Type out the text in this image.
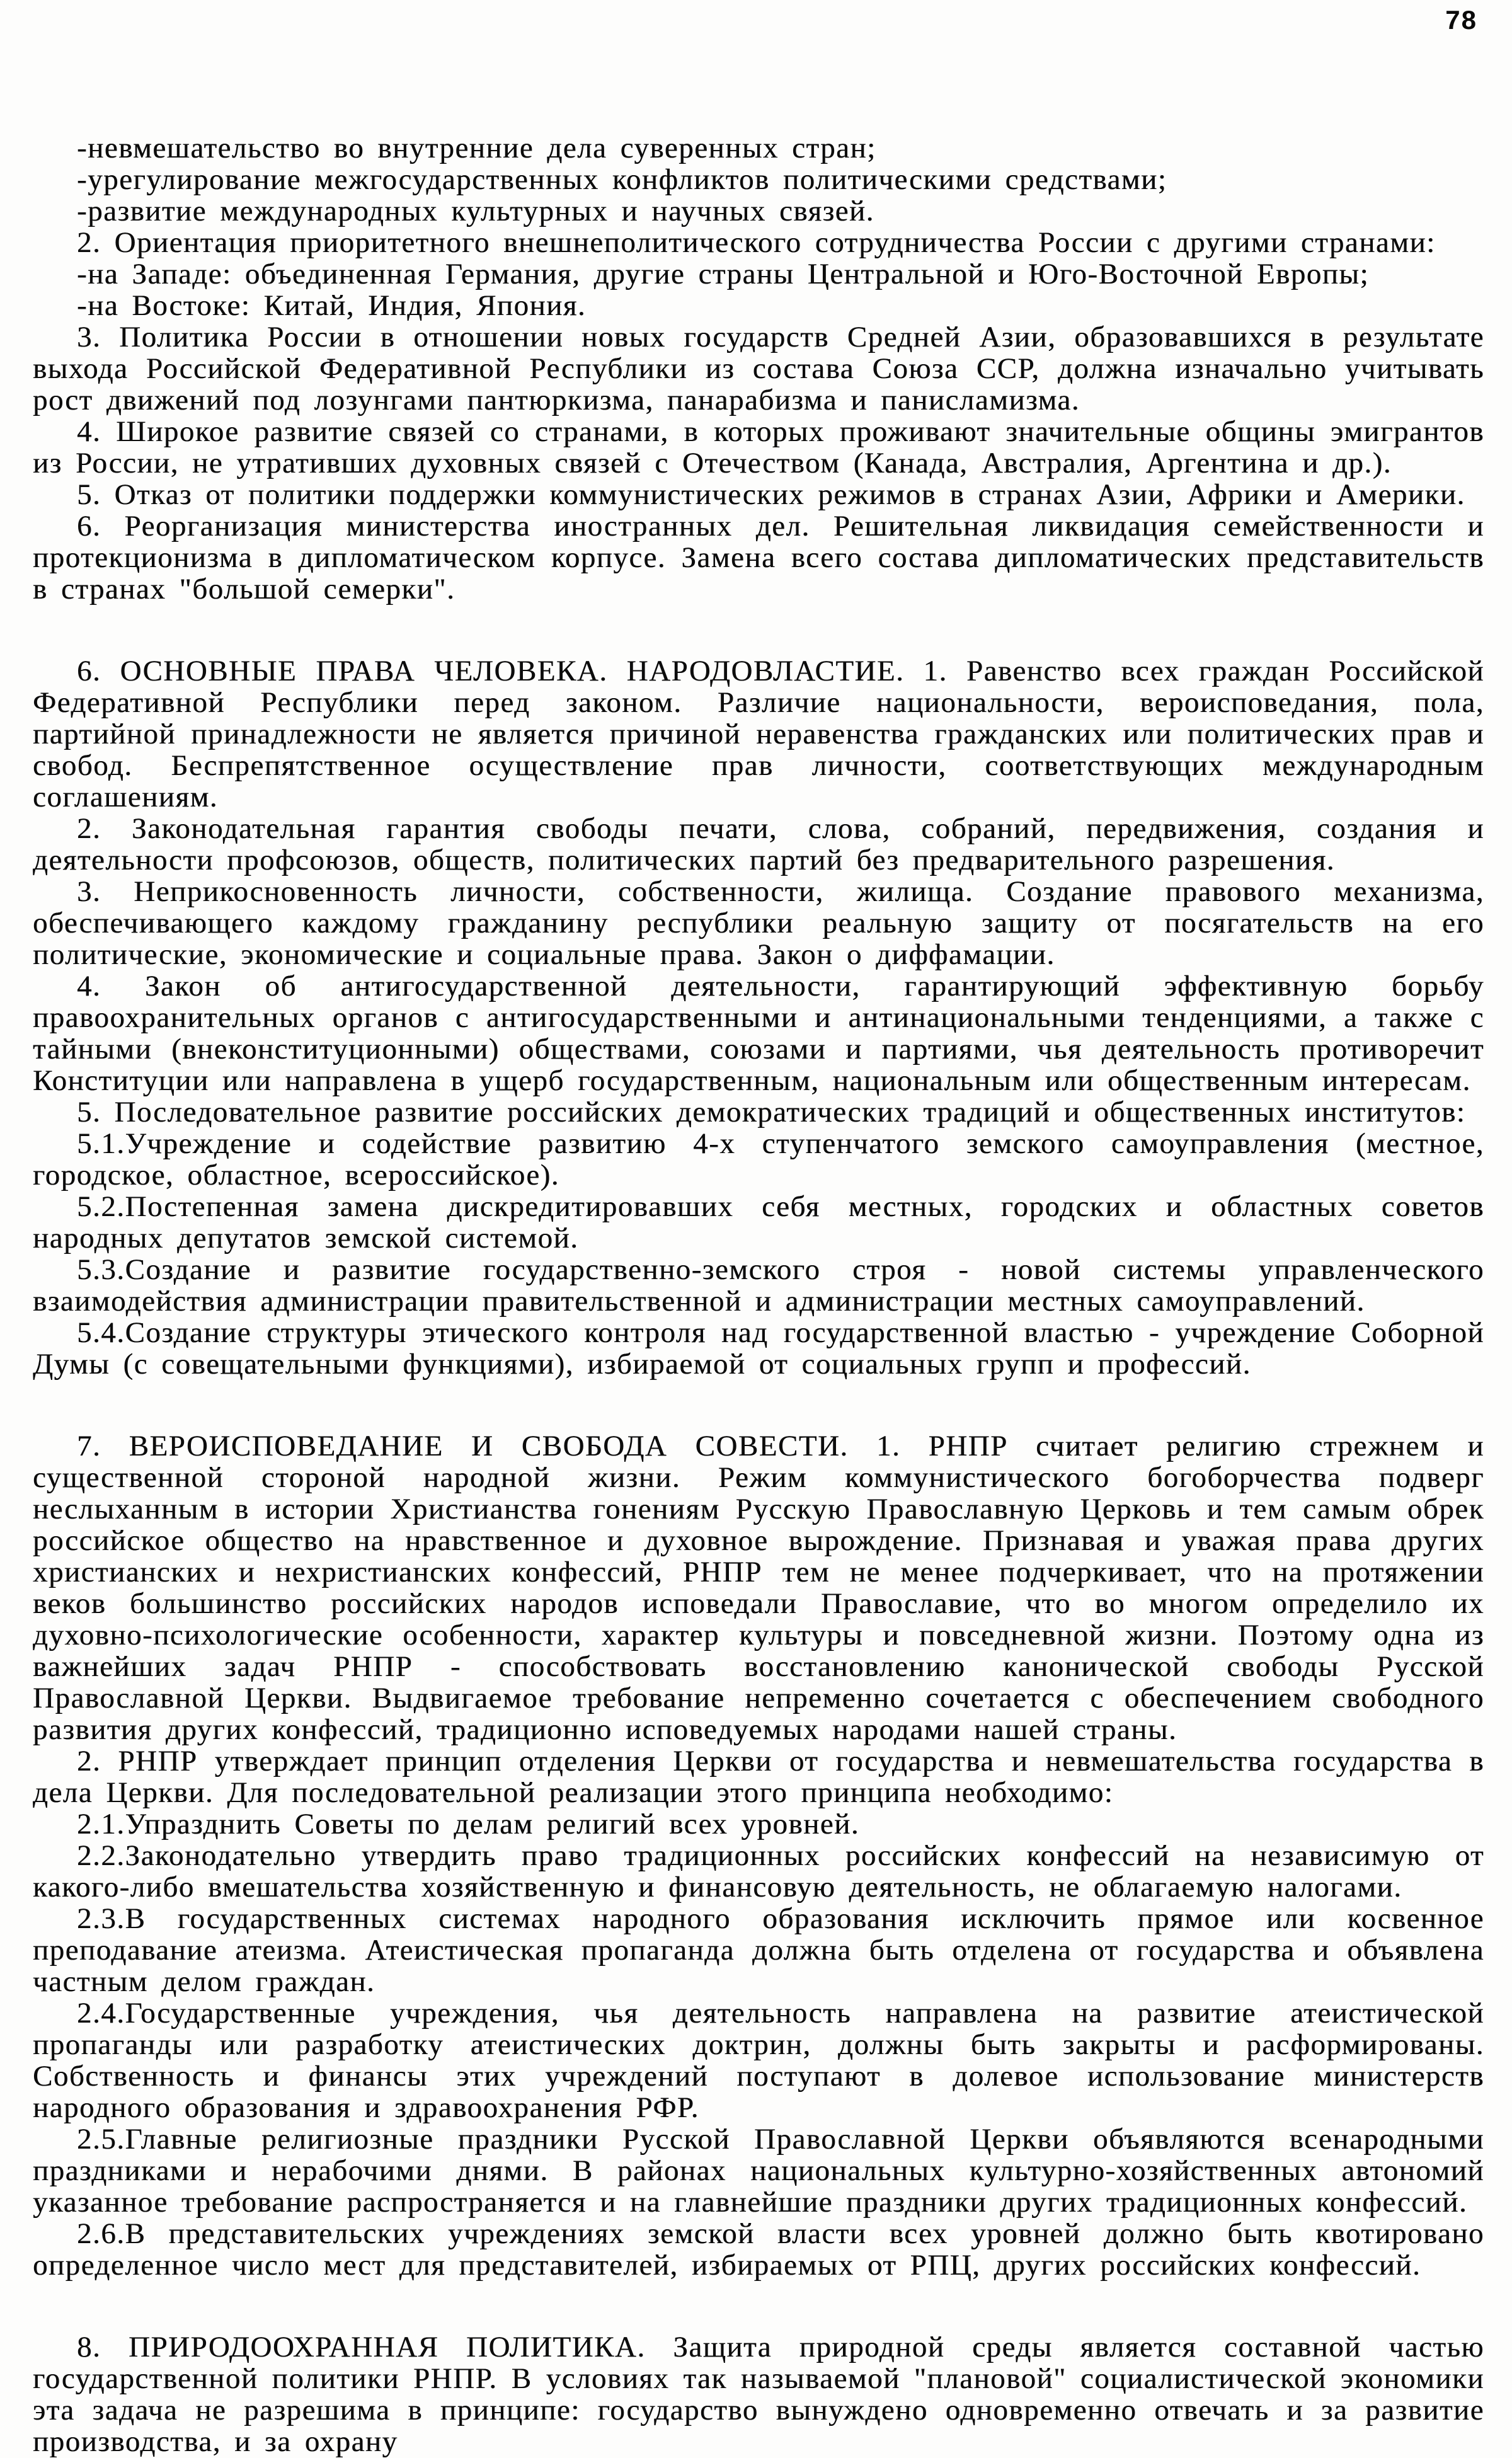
78

-невмешательство во внутренние дела суверенных стран;

-урегулирование межгосударственных конфликтов политическими средствами;

-развитие международных культурных и научных связей.

2. Ориентация приоритетного внешнеполитического сотрудничества России с другими странами:

-на Западе: объединенная Германия, другие страны Центральной и Юго-Восточной Европы;

-на Востоке: Китай, Индия, Япония.

3. Политика России в отношении новых государств Средней Азии, образовавшихся в результате выхода Российской Федеративной Республики из состава Союза ССР, должна изначально учитывать рост движений под лозунгами пантюркизма, панарабизма и панисламизма.

4. Широкое развитие связей со странами, в которых проживают значительные общины эмигрантов из России, не утративших духовных связей с Отечеством (Канада, Австралия, Аргентина и др.).

5. Отказ от политики поддержки коммунистических режимов в странах Азии, Африки и Америки.

6. Реорганизация министерства иностранных дел. Решительная ликвидация семейственности и протекционизма в дипломатическом корпусе. Замена всего состава дипломатических представительств в странах "большой семерки".

6. ОСНОВНЫЕ ПРАВА ЧЕЛОВЕКА. НАРОДОВЛАСТИЕ. 1. Равенство всех граждан Российской Федеративной Республики перед законом. Различие национальности, вероисповедания, пола, партийной принадлежности не является причиной неравенства гражданских или политических прав и свобод. Беспрепятственное осуществление прав личности, соответствующих международным соглашениям.

2. Законодательная гарантия свободы печати, слова, собраний, передвижения, создания и деятельности профсоюзов, обществ, политических партий без предварительного разрешения.

3. Неприкосновенность личности, собственности, жилища. Создание правового механизма, обеспечивающего каждому гражданину республики реальную защиту от посягательств на его политические, экономические и социальные права. Закон о диффамации.

4. Закон об антигосударственной деятельности, гарантирующий эффективную борьбу правоохранительных органов с антигосударственными и антинациональными тенденциями, а также с тайными (внеконституционными) обществами, союзами и партиями, чья деятельность противоречит Конституции или направлена в ущерб государственным, национальным или общественным интересам.

5. Последовательное развитие российских демократических традиций и общественных институтов:

5.1.Учреждение и содействие развитию 4-х ступенчатого земского самоуправления (местное, городское, областное, всероссийское).

5.2.Постепенная замена дискредитировавших себя местных, городских и областных советов народных депутатов земской системой.

5.3.Создание и развитие государственно-земского строя - новой системы управленческого взаимодействия администрации правительственной и администрации местных самоуправлений.

5.4.Создание структуры этического контроля над государственной властью - учреждение Соборной Думы (с совещательными функциями), избираемой от социальных групп и профессий.

7. ВЕРОИСПОВЕДАНИЕ И СВОБОДА СОВЕСТИ. 1. РНПР считает религию стрежнем и существенной стороной народной жизни. Режим коммунистического богоборчества подверг неслыханным в истории Христианства гонениям Русскую Православную Церковь и тем самым обрек российское общество на нравственное и духовное вырождение. Признавая и уважая права других христианских и нехристианских конфессий, РНПР тем не менее подчеркивает, что на протяжении веков большинство российских народов исповедали Православие, что во многом определило их духовно-психологические особенности, характер культуры и повседневной жизни. Поэтому одна из важнейших задач РНПР - способствовать восстановлению канонической свободы Русской Православной Церкви. Выдвигаемое требование непременно сочетается с обеспечением свободного развития других конфессий, традиционно исповедуемых народами нашей страны.

2. РНПР утверждает принцип отделения Церкви от государства и невмешательства государства в дела Церкви. Для последовательной реализации этого принципа необходимо:

2.1.Упразднить Советы по делам религий всех уровней.

2.2.Законодательно утвердить право традиционных российских конфессий на независимую от какого-либо вмешательства хозяйственную и финансовую деятельность, не облагаемую налогами.

2.3.В государственных системах народного образования исключить прямое или косвенное преподавание атеизма. Атеистическая пропаганда должна быть отделена от государства и объявлена частным делом граждан.

2.4.Государственные учреждения, чья деятельность направлена на развитие атеистической пропаганды или разработку атеистических доктрин, должны быть закрыты и расформированы. Собственность и финансы этих учреждений поступают в долевое использование министерств народного образования и здравоохранения РФР.

2.5.Главные религиозные праздники Русской Православной Церкви объявляются всенародными праздниками и нерабочими днями. В районах национальных культурно-хозяйственных автономий указанное требование распространяется и на главнейшие праздники других традиционных конфессий.

2.6.В представительских учреждениях земской власти всех уровней должно быть квотировано определенное число мест для представителей, избираемых от РПЦ, других российских конфессий.

8. ПРИРОДООХРАННАЯ ПОЛИТИКА. Защита природной среды является составной частью государственной политики РНПР. В условиях так называемой "плановой" социалистической экономики эта задача не разрешима в принципе: государство вынуждено одновременно отвечать и за развитие производства, и за охрану
